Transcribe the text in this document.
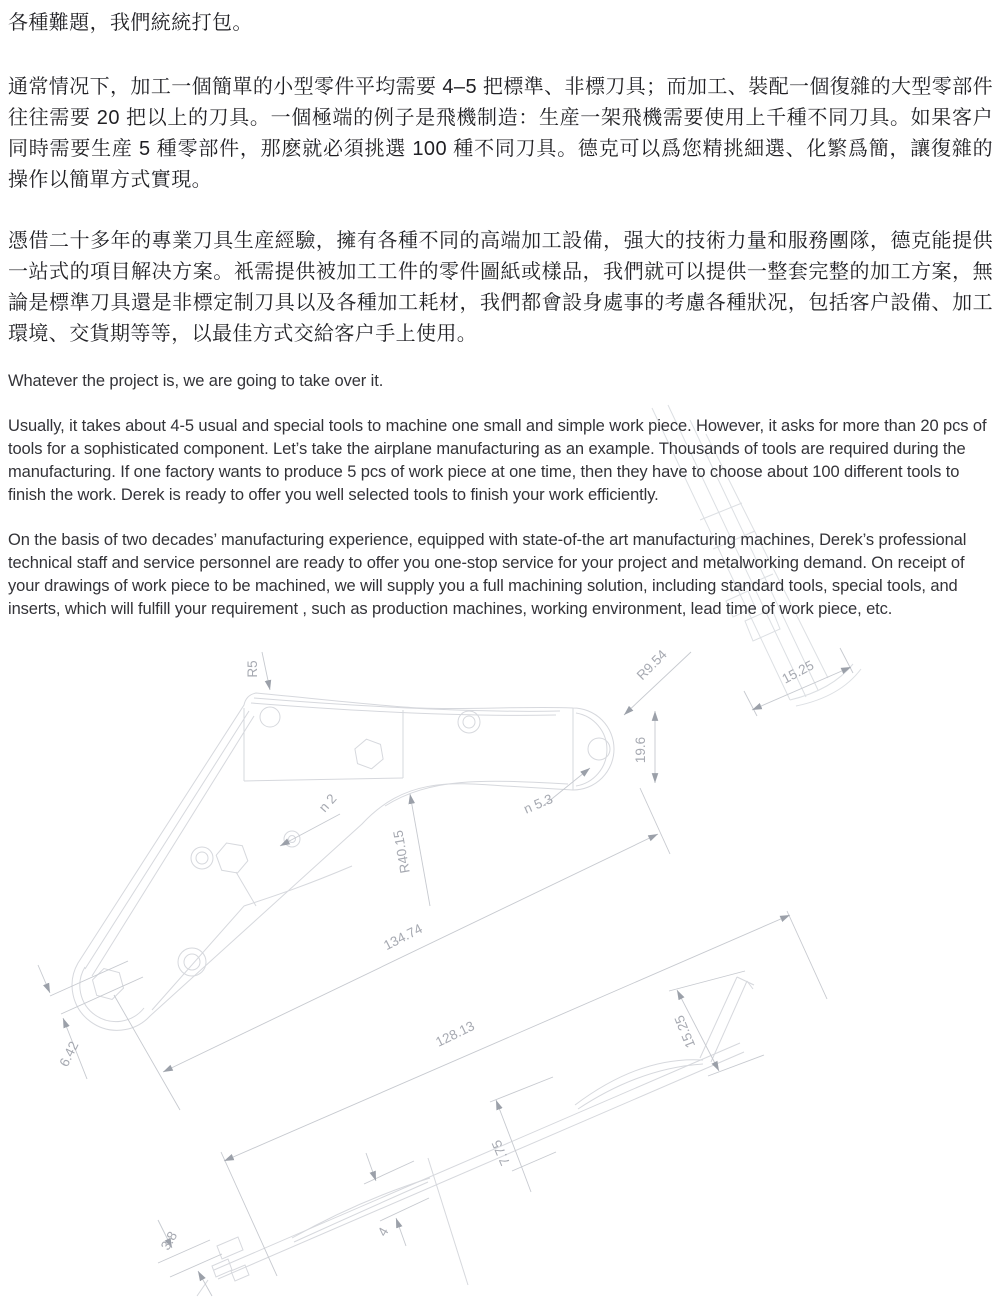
R5	R9.54	15.25
19.6
n 2	n 5.3
R40.15
134.74
6.42
128.13	15.25
7.75
3.8	4

各種難題，我們統統打包。

通常情况下，加工一個簡單的小型零件平均需要 4–5 把標準、非標刀具；而加工、裝配一個復雜的大型零部件往往需要 20 把以上的刀具。一個極端的例子是飛機制造：生産一架飛機需要使用上千種不同刀具。如果客户同時需要生産 5 種零部件，那麽就必須挑選 100 種不同刀具。德克可以爲您精挑細選、化繁爲簡，讓復雜的操作以簡單方式實現。

憑借二十多年的專業刀具生産經驗，擁有各種不同的高端加工設備，强大的技術力量和服務團隊，德克能提供一站式的項目解决方案。衹需提供被加工工件的零件圖紙或樣品，我們就可以提供一整套完整的加工方案，無論是標準刀具還是非標定制刀具以及各種加工耗材，我們都會設身處事的考慮各種狀况，包括客户設備、加工環境、交貨期等等，以最佳方式交給客户手上使用。

Whatever the project is, we are going to take over it.

Usually, it takes about 4-5 usual and special tools to machine one small and simple work piece. However, it asks for more than 20 pcs of tools for a sophisticated component. Let’s take the airplane manufacturing as an example. Thousands of tools are required during the manufacturing. If one factory wants to produce 5 pcs of work piece at one time, then they have to choose about 100 different tools to finish the work. Derek is ready to offer you well selected tools to finish your work efficiently.

On the basis of two decades’ manufacturing experience, equipped with state-of-the art manufacturing machines, Derek’s professional technical staff and service personnel are ready to offer you one-stop service for your project and metalworking demand. On receipt of your drawings of work piece to be machined, we will supply you a full machining solution, including standard tools, special tools, and inserts, which will fulfill your requirement , such as production machines, working environment, lead time of work piece, etc.
